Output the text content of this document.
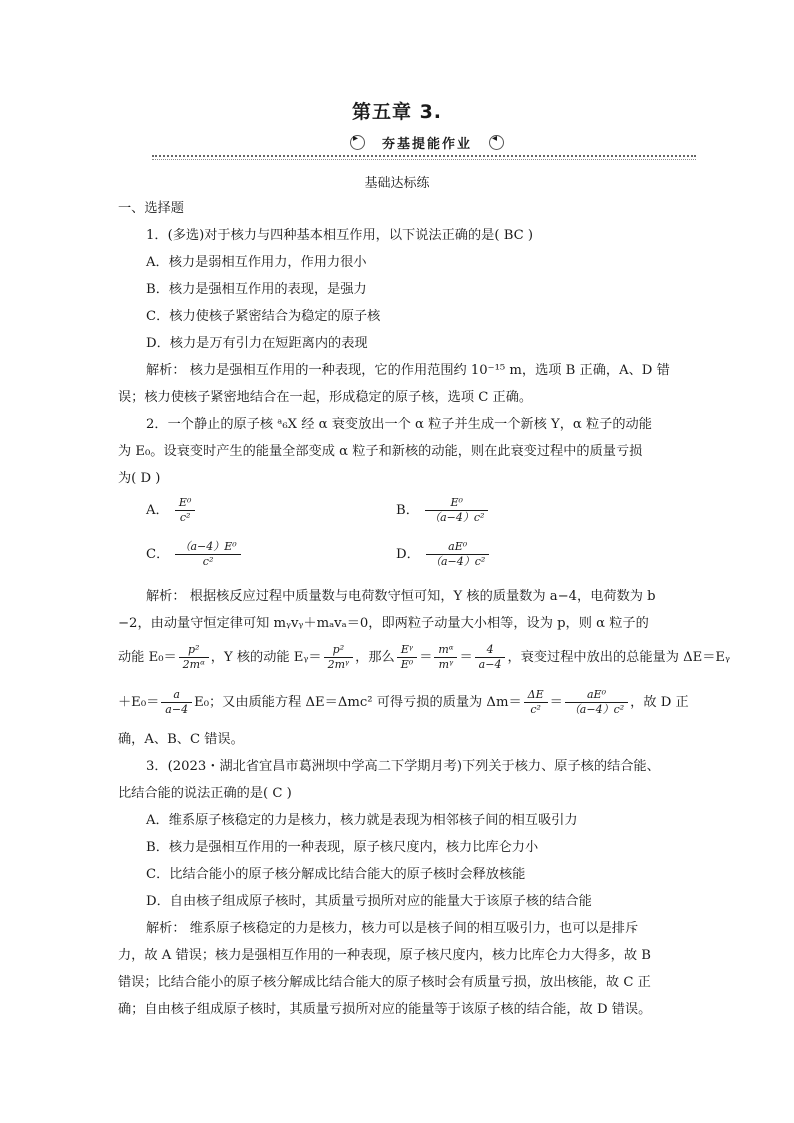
第五章 3.
▸	夯基提能作业	◂
基础达标练
一、选择题
1．(多选)对于核力与四种基本相互作用，以下说法正确的是( BC )
A．核力是弱相互作用力，作用力很小
B．核力是强相互作用的表现，是强力
C．核力使核子紧密结合为稳定的原子核
D．核力是万有引力在短距离内的表现
解析： 核力是强相互作用的一种表现，它的作用范围约 10⁻¹⁵ m，选项 B 正确，A、D 错
误；核力使核子紧密地结合在一起，形成稳定的原子核，选项 C 正确。
2．一个静止的原子核 ᵃ₆X 经 α 衰变放出一个 α 粒子并生成一个新核 Y，α 粒子的动能
为 E₀。设衰变时产生的能量全部变成 α 粒子和新核的动能，则在此衰变过程中的质量亏损
为( D )
A． $\frac{\text{E⁰}}{\text{c²}}$	B． $\frac{\text{E⁰}}{\text{（a−4）c²}}$
C． $\frac{\text{（a−4）E⁰}}{\text{c²}}$	D． $\frac{\text{aE⁰}}{\text{（a−4）c²}}$
解析： 根据核反应过程中质量数与电荷数守恒可知，Y 核的质量数为 a−4，电荷数为 b
−2，由动量守恒定律可知 mᵧvᵧ＋mₐvₐ＝0，即两粒子动量大小相等，设为 p，则 α 粒子的
动能 $E_0= \frac{\text{p²}}{\text{2mᵅ}}$ ，Y 核的动能 Eᵧ＝ $\frac{\text{p²}}{\text{2mᵞ}}$ ，那么 $\frac{\text{Eᵞ}}{\text{E⁰}} = \frac{\text{mᵅ}}{\text{mᵞ}} = \frac{4}{a-4}$ ，衰变过程中放出的总能量为 ΔE＝Eᵧ
$+E_0= \frac{a}{a-4} E_0$；又由质能方程 ΔE＝Δmc² 可得亏损的质量为 $\Delta m= \frac{\Delta E}{\text{c²}} = \frac{\text{aE⁰}}{\text{（a−4）c²}}$ ，故 D 正
确，A、B、C 错误。
3．(2023・湖北省宜昌市葛洲坝中学高二下学期月考)下列关于核力、原子核的结合能、
比结合能的说法正确的是( C )
A．维系原子核稳定的力是核力，核力就是表现为相邻核子间的相互吸引力
B．核力是强相互作用的一种表现，原子核尺度内，核力比库仑力小
C．比结合能小的原子核分解成比结合能大的原子核时会释放核能
D．自由核子组成原子核时，其质量亏损所对应的能量大于该原子核的结合能
解析： 维系原子核稳定的力是核力，核力可以是核子间的相互吸引力，也可以是排斥
力，故 A 错误；核力是强相互作用的一种表现，原子核尺度内，核力比库仑力大得多，故 B
错误；比结合能小的原子核分解成比结合能大的原子核时会有质量亏损，放出核能，故 C 正
确；自由核子组成原子核时，其质量亏损所对应的能量等于该原子核的结合能，故 D 错误。
